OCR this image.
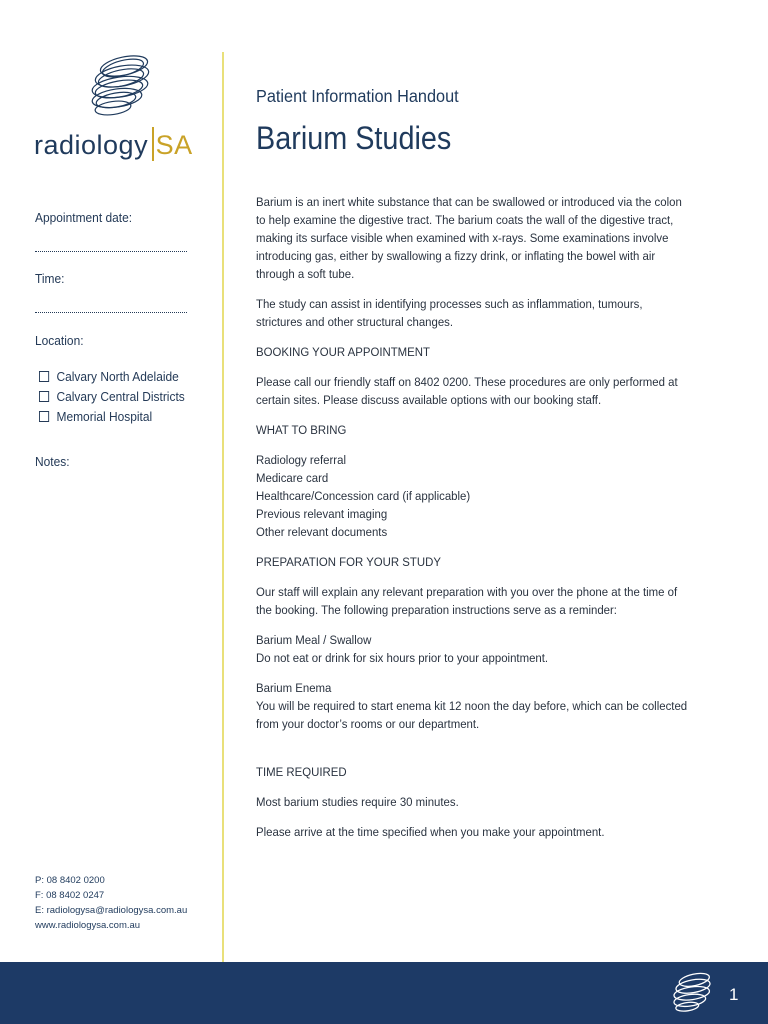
radiology SA
Appointment date:
Time:
Location:
Calvary North Adelaide
Calvary Central Districts
Memorial Hospital
Notes:
P: 08 8402 0200
F: 08 8402 0247
E: radiologysa@radiologysa.com.au
www.radiologysa.com.au
Patient Information Handout
Barium Studies

Barium is an inert white substance that can be swallowed or introduced via the colon to help examine the digestive tract. The barium coats the wall of the digestive tract, making its surface visible when examined with x-rays. Some examinations involve introducing gas, either by swallowing a fizzy drink, or inflating the bowel with air through a soft tube.

The study can assist in identifying processes such as inflammation, tumours, strictures and other structural changes.

BOOKING YOUR APPOINTMENT

Please call our friendly staff on 8402 0200. These procedures are only performed at certain sites. Please discuss available options with our booking staff.

WHAT TO BRING

Radiology referral
Medicare card
Healthcare/Concession card (if applicable)
Previous relevant imaging
Other relevant documents

PREPARATION FOR YOUR STUDY

Our staff will explain any relevant preparation with you over the phone at the time of the booking. The following preparation instructions serve as a reminder:

Barium Meal / Swallow
Do not eat or drink for six hours prior to your appointment.

Barium Enema
You will be required to start enema kit 12 noon the day before, which can be collected from your doctor’s rooms or our department.

TIME REQUIRED

Most barium studies require 30 minutes.

Please arrive at the time specified when you make your appointment.

1
